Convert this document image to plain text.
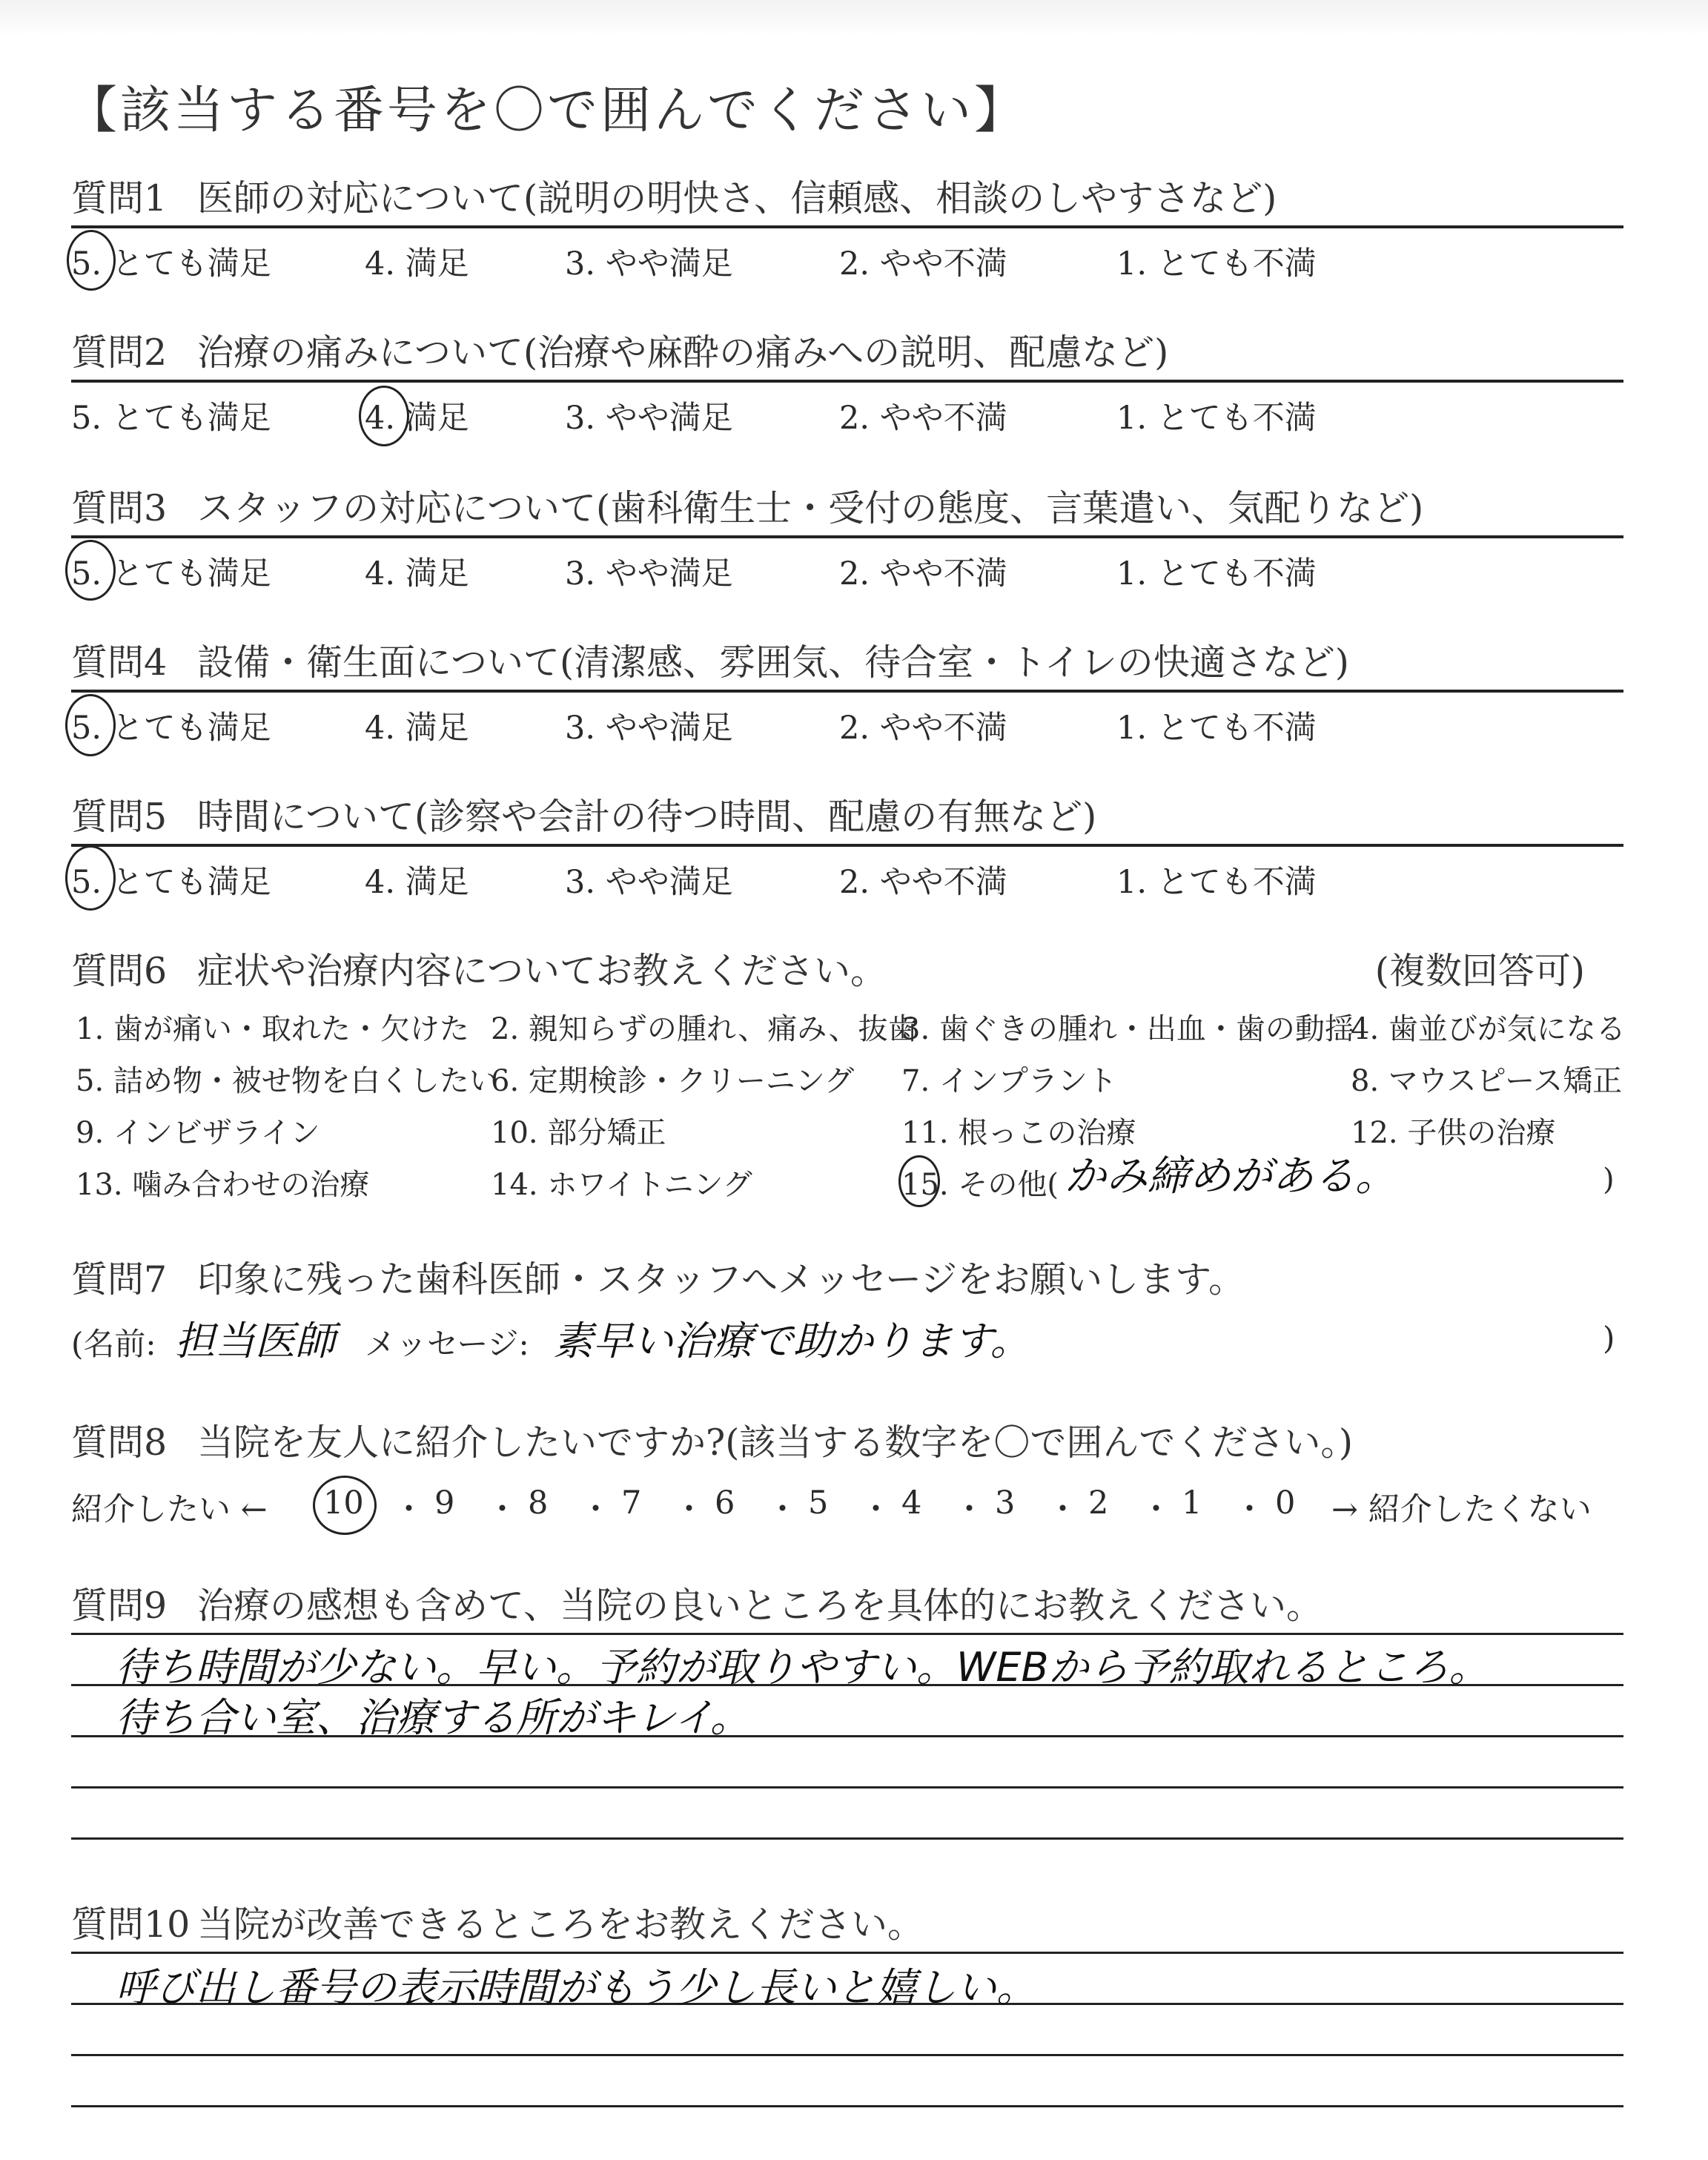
【該当する番号を〇で囲んでください】
質問1 医師の対応について(説明の明快さ、信頼感、相談のしやすさなど)
5. とても満足	4. 満足	3. やや満足	2. やや不満	1. とても不満
質問2 治療の痛みについて(治療や麻酔の痛みへの説明、配慮など)
5. とても満足	4. 満足	3. やや満足	2. やや不満	1. とても不満
質問3 スタッフの対応について(歯科衛生士・受付の態度、言葉遣い、気配りなど)
5. とても満足	4. 満足	3. やや満足	2. やや不満	1. とても不満
質問4 設備・衛生面について(清潔感、雰囲気、待合室・トイレの快適さなど)
5. とても満足	4. 満足	3. やや満足	2. やや不満	1. とても不満
質問5 時間について(診察や会計の待つ時間、配慮の有無など)
5. とても満足	4. 満足	3. やや満足	2. やや不満	1. とても不満
質問6 症状や治療内容についてお教えください。	(複数回答可)
1. 歯が痛い・取れた・欠けた 2. 親知らずの腫れ、痛み、抜歯
3. 歯ぐきの腫れ・出血・歯の動揺
4. 歯並びが気になる
5. 詰め物・被せ物を白くしたい
6. 定期検診・クリーニング 7. インプラント	8. マウスピース矯正
9. インビザライン	10. 部分矯正	11. 根っこの治療	12. 子供の治療
13. 噛み合わせの治療	14. ホワイトニング	15. その他( かみ締めがある。	)
質問7 印象に残った歯科医師・スタッフへメッセージをお願いします。
(名前: 担当医師 メッセージ: 素早い治療で助かります。	)
質問8 当院を友人に紹介したいですか?(該当する数字を〇で囲んでください。)
紹介したい ← 10 ・ 9 ・ 8 ・ 7 ・ 6 ・ 5 ・ 4 ・ 3 ・ 2 ・ 1 ・ 0 → 紹介したくない
質問9 治療の感想も含めて、当院の良いところを具体的にお教えください。
待ち時間が少ない。早い。予約が取りやすい。WEBから予約取れるところ。
待ち合い室、治療する所がキレイ。
質問10 当院が改善できるところをお教えください。
呼び出し番号の表示時間がもう少し長いと嬉しい。
